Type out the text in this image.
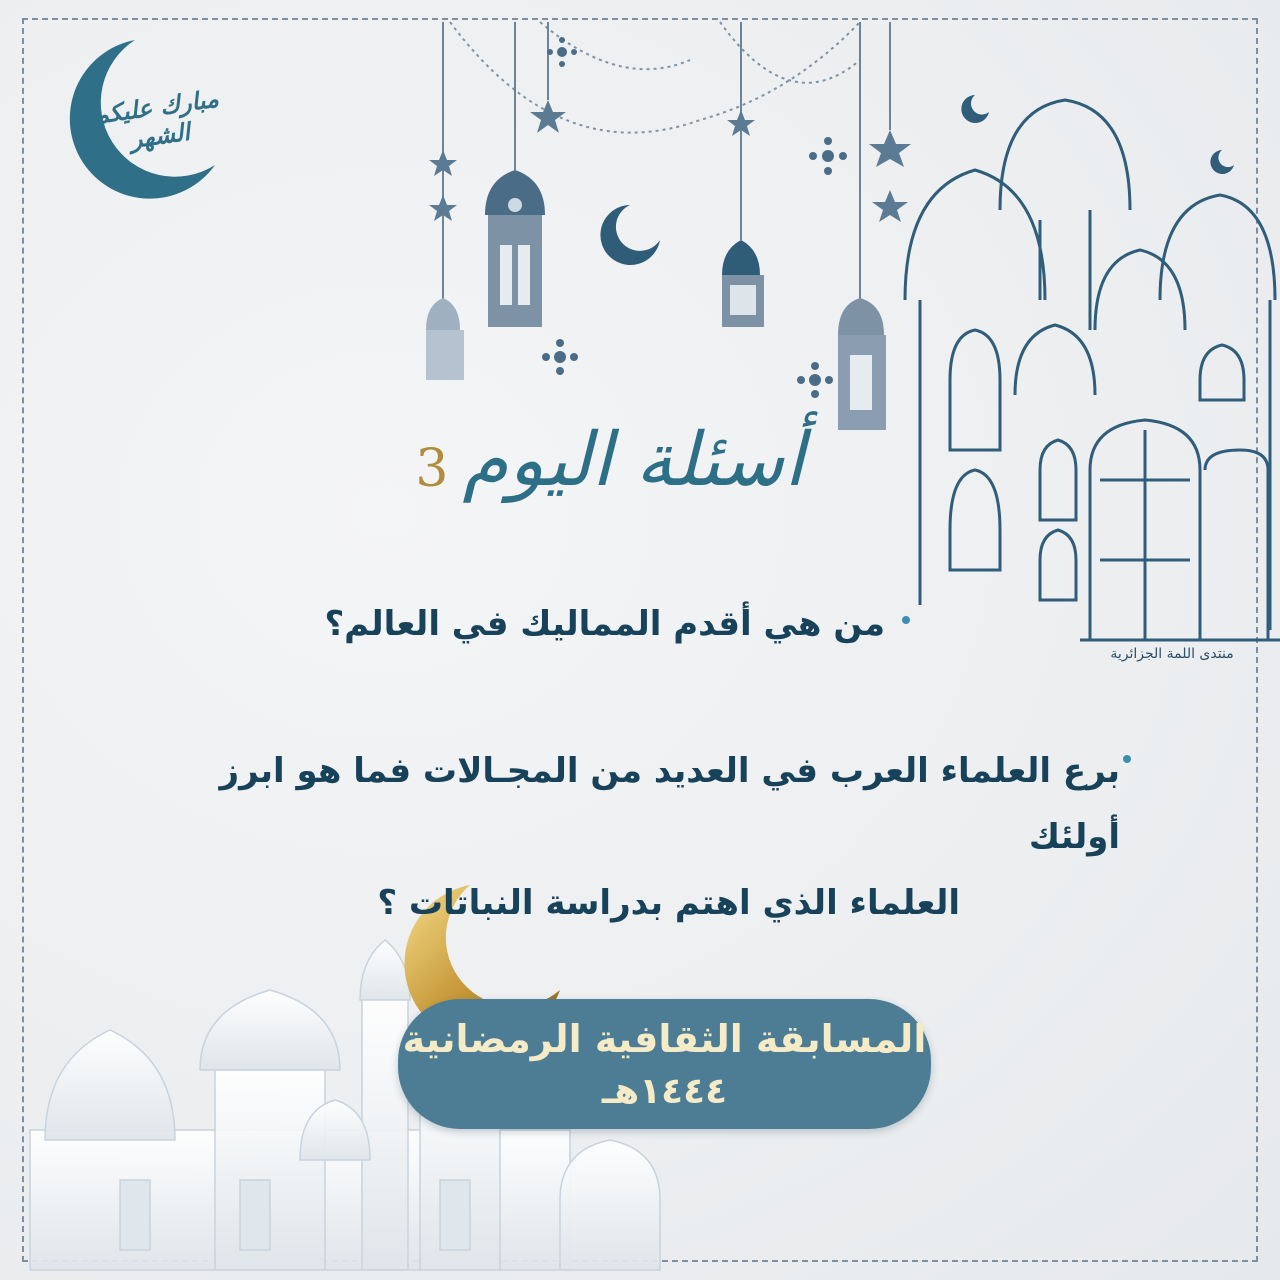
مبارك عليكم الشهر
أسئلة اليوم
3
من هي أقدم المماليك في العالم؟
برع العلماء العرب في العديد من المجـالات فما هو ابرز أولئك
العلماء الذي اهتم بدراسة النباتات ؟
منتدى اللمة الجزائرية
المسابقة الثقافية الرمضانية
١٤٤٤هـ
